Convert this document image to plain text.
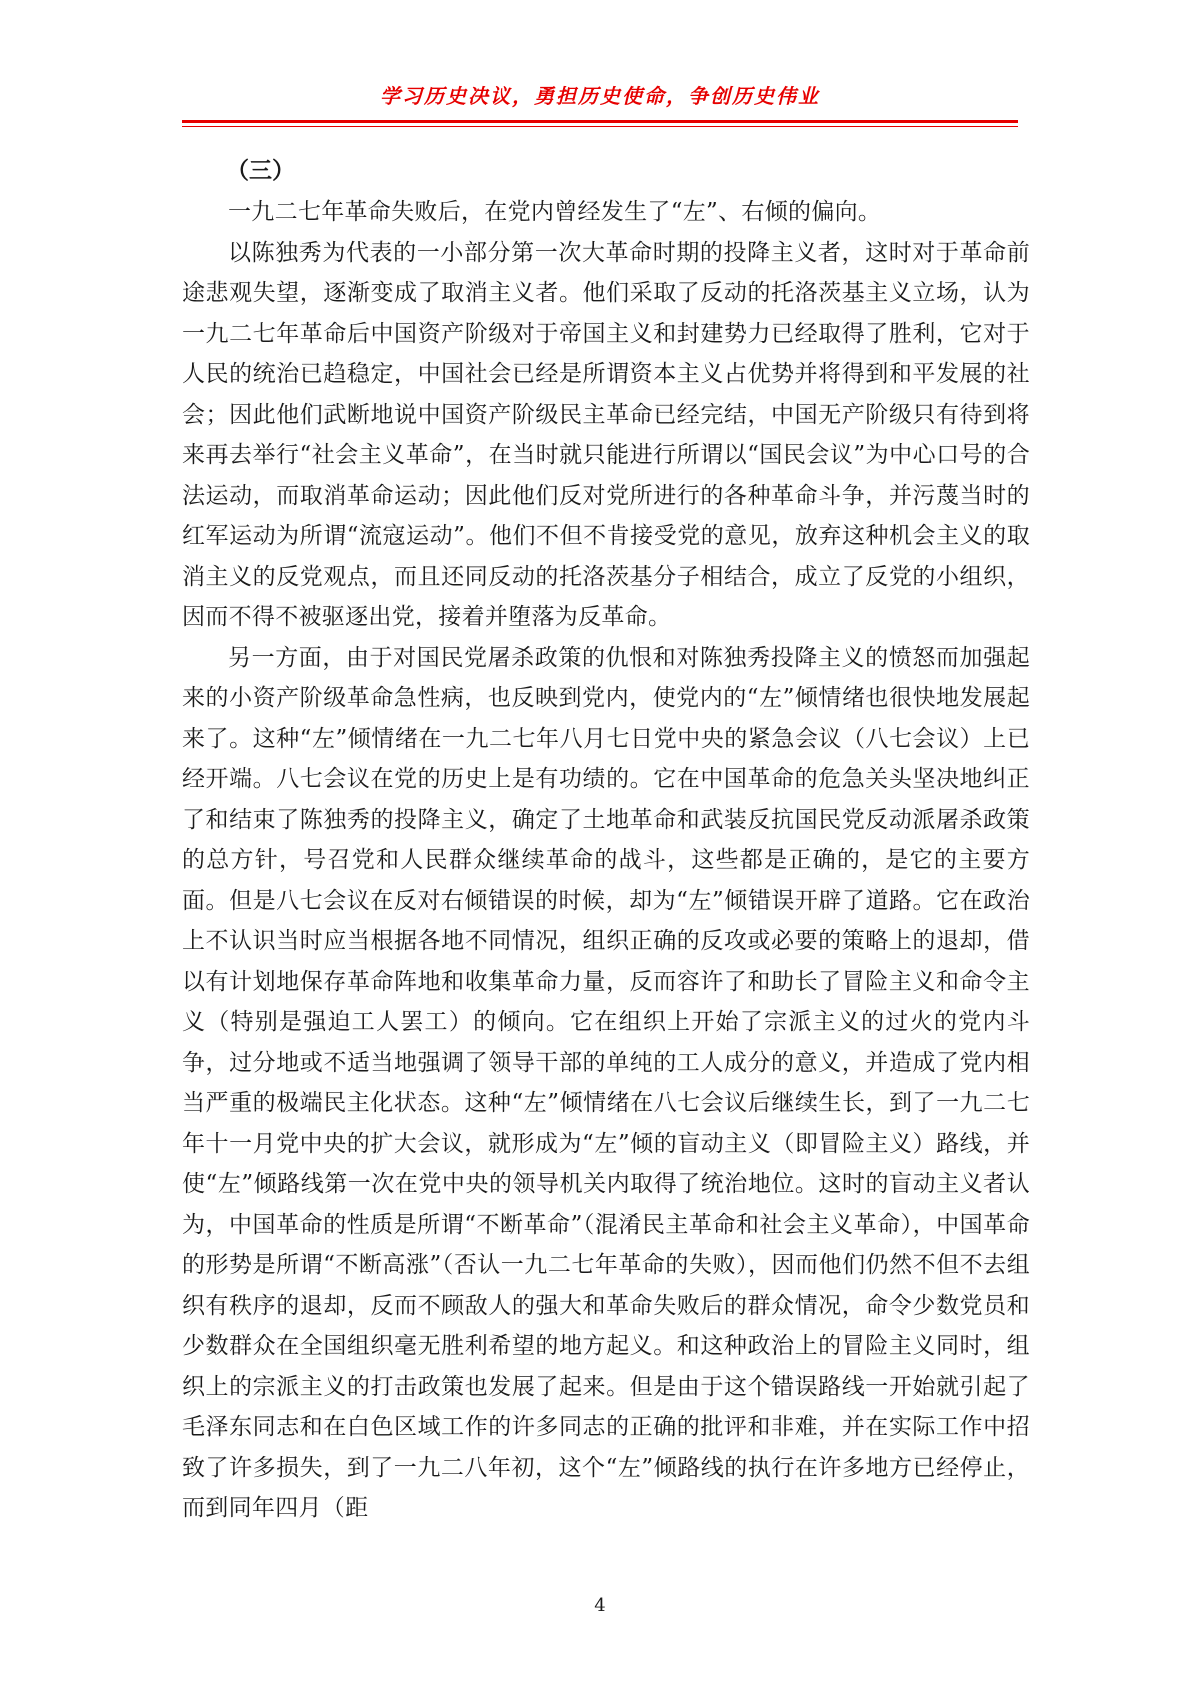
学习历史决议，勇担历史使命，争创历史伟业
（三）

一九二七年革命失败后，在党内曾经发生了“左”、右倾的偏向。

以陈独秀为代表的一小部分第一次大革命时期的投降主义者，这时对于革命前途悲观失望，逐渐变成了取消主义者。他们采取了反动的托洛茨基主义立场，认为一九二七年革命后中国资产阶级对于帝国主义和封建势力已经取得了胜利，它对于人民的统治已趋稳定，中国社会已经是所谓资本主义占优势并将得到和平发展的社会；因此他们武断地说中国资产阶级民主革命已经完结，中国无产阶级只有待到将来再去举行“社会主义革命”，在当时就只能进行所谓以“国民会议”为中心口号的合法运动，而取消革命运动；因此他们反对党所进行的各种革命斗争，并污蔑当时的红军运动为所谓“流寇运动”。他们不但不肯接受党的意见，放弃这种机会主义的取消主义的反党观点，而且还同反动的托洛茨基分子相结合，成立了反党的小组织，因而不得不被驱逐出党，接着并堕落为反革命。

另一方面，由于对国民党屠杀政策的仇恨和对陈独秀投降主义的愤怒而加强起来的小资产阶级革命急性病，也反映到党内，使党内的“左”倾情绪也很快地发展起来了。这种“左”倾情绪在一九二七年八月七日党中央的紧急会议（八七会议）上已经开端。八七会议在党的历史上是有功绩的。它在中国革命的危急关头坚决地纠正了和结束了陈独秀的投降主义，确定了土地革命和武装反抗国民党反动派屠杀政策的总方针，号召党和人民群众继续革命的战斗，这些都是正确的，是它的主要方面。但是八七会议在反对右倾错误的时候，却为“左”倾错误开辟了道路。它在政治上不认识当时应当根据各地不同情况，组织正确的反攻或必要的策略上的退却，借以有计划地保存革命阵地和收集革命力量，反而容许了和助长了冒险主义和命令主义（特别是强迫工人罢工）的倾向。它在组织上开始了宗派主义的过火的党内斗争，过分地或不适当地强调了领导干部的单纯的工人成分的意义，并造成了党内相当严重的极端民主化状态。这种“左”倾情绪在八七会议后继续生长，到了一九二七年十一月党中央的扩大会议，就形成为“左”倾的盲动主义（即冒险主义）路线，并使“左”倾路线第一次在党中央的领导机关内取得了统治地位。这时的盲动主义者认为，中国革命的性质是所谓“不断革命”（混淆民主革命和社会主义革命），中国革命的形势是所谓“不断高涨”（否认一九二七年革命的失败），因而他们仍然不但不去组织有秩序的退却，反而不顾敌人的强大和革命失败后的群众情况，命令少数党员和少数群众在全国组织毫无胜利希望的地方起义。和这种政治上的冒险主义同时，组织上的宗派主义的打击政策也发展了起来。但是由于这个错误路线一开始就引起了毛泽东同志和在白色区域工作的许多同志的正确的批评和非难，并在实际工作中招致了许多损失，到了一九二八年初，这个“左”倾路线的执行在许多地方已经停止，而到同年四月（距

4
